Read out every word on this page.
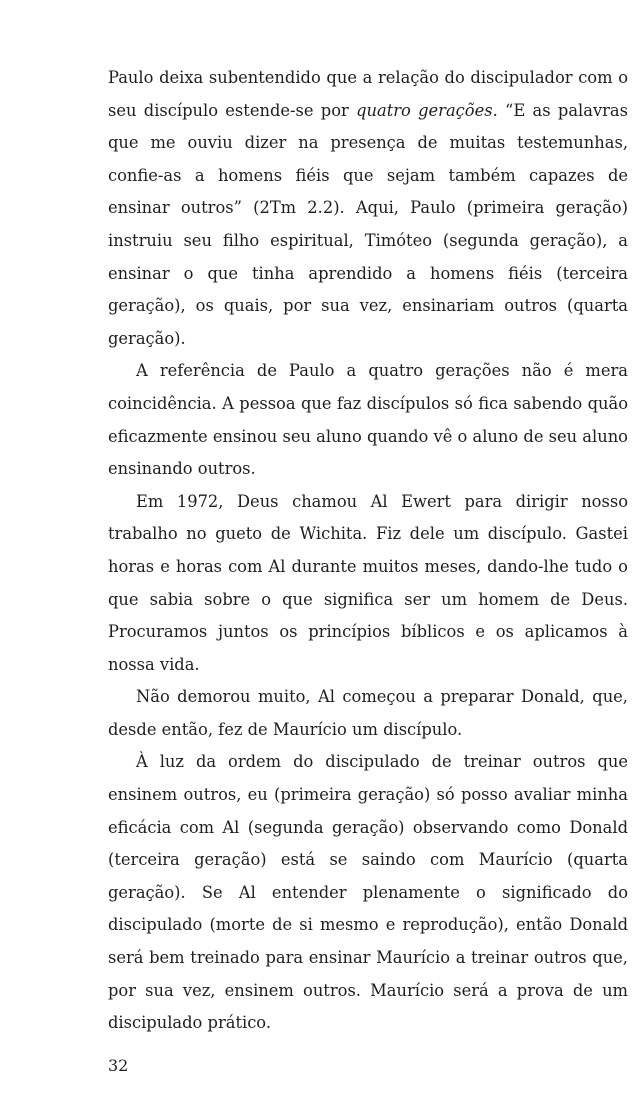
Paulo deixa subentendido que a relação do discipulador com o seu discípulo estende-se por quatro gerações. “E as palavras que me ouviu dizer na presença de muitas testemunhas, confie-as a homens fiéis que sejam também capazes de ensinar outros” (2Tm 2.2). Aqui, Paulo (primeira geração) instruiu seu filho espiritual, Timóteo (segunda geração), a ensinar o que tinha aprendido a homens fiéis (terceira geração), os quais, por sua vez, ensinariam outros (quarta geração).

A referência de Paulo a quatro gerações não é mera coincidência. A pessoa que faz discípulos só fica sabendo quão eficazmente ensinou seu aluno quando vê o aluno de seu aluno ensinando outros.

Em 1972, Deus chamou Al Ewert para dirigir nosso trabalho no gueto de Wichita. Fiz dele um discípulo. Gastei horas e horas com Al durante muitos meses, dando-lhe tudo o que sabia sobre o que significa ser um homem de Deus. Procuramos juntos os princípios bíblicos e os aplicamos à nossa vida.

Não demorou muito, Al começou a preparar Donald, que, desde então, fez de Maurício um discípulo.

À luz da ordem do discipulado de treinar outros que ensinem outros, eu (primeira geração) só posso avaliar minha eficácia com Al (segunda geração) observando como Donald (terceira geração) está se saindo com Maurício (quarta geração). Se Al entender plenamente o significado do discipulado (morte de si mesmo e reprodução), então Donald será bem treinado para ensinar Maurício a treinar outros que, por sua vez, ensinem outros. Maurício será a prova de um discipulado prático.

32
